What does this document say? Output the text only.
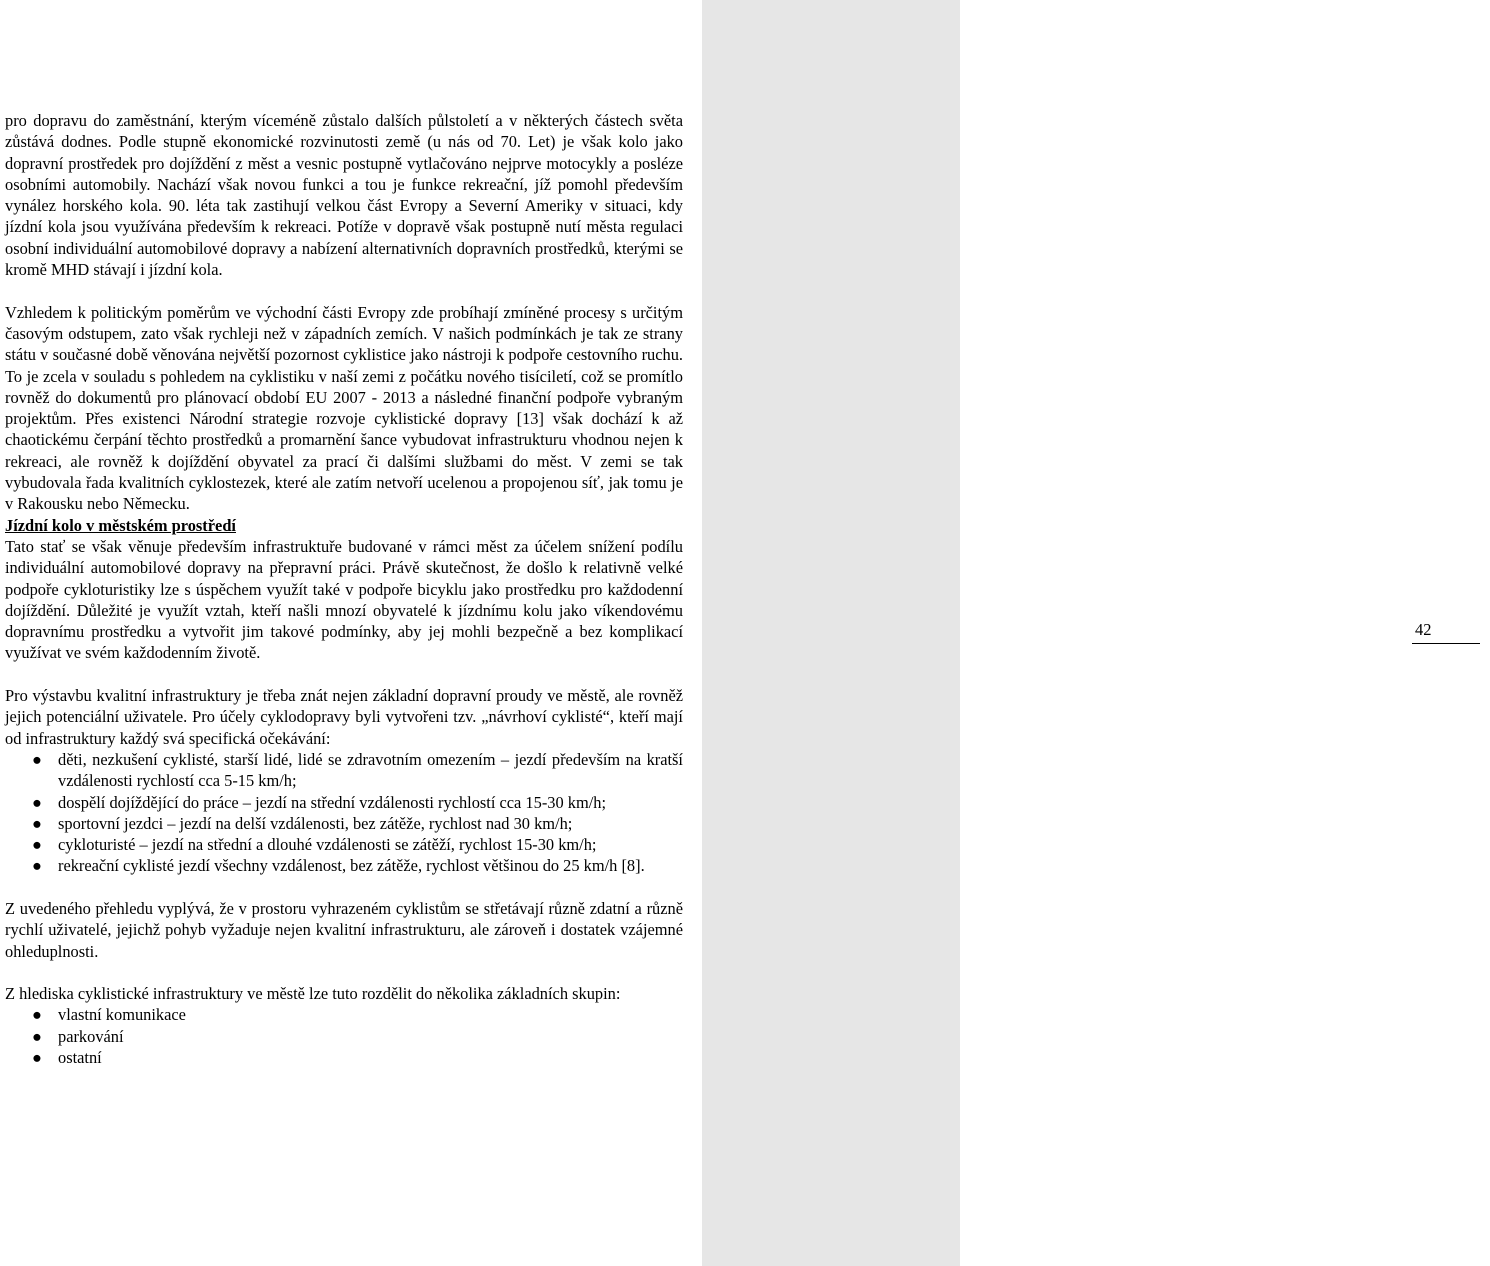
42

pro dopravu do zaměstnání, kterým víceméně zůstalo dalších půlstoletí a v některých částech světa zůstává dodnes. Podle stupně ekonomické rozvinutosti země (u nás od 70. Let) je však kolo jako dopravní prostředek pro dojíždění z měst a vesnic postupně vytlačováno nejprve motocykly a posléze osobními automobily. Nachází však novou funkci a tou je funkce rekreační, jíž pomohl především vynález horského kola. 90. léta tak zastihují velkou část Evropy a Severní Ameriky v situaci, kdy jízdní kola jsou využívána především k rekreaci. Potíže v dopravě však postupně nutí města regulaci osobní individuální automobilové dopravy a nabízení alternativních dopravních prostředků, kterými se kromě MHD stávají i jízdní kola.

Vzhledem k politickým poměrům ve východní části Evropy zde probíhají zmíněné procesy s určitým časovým odstupem, zato však rychleji než v západních zemích. V našich podmínkách je tak ze strany státu v současné době věnována největší pozornost cyklistice jako nástroji k podpoře cestovního ruchu. To je zcela v souladu s pohledem na cyklistiku v naší zemi z počátku nového tisíciletí, což se promítlo rovněž do dokumentů pro plánovací období EU 2007 - 2013 a následné finanční podpoře vybraným projektům. Přes existenci Národní strategie rozvoje cyklistické dopravy [13] však dochází k až chaotickému čerpání těchto prostředků a promarnění šance vybudovat infrastrukturu vhodnou nejen k rekreaci, ale rovněž k dojíždění obyvatel za prací či dalšími službami do měst. V zemi se tak vybudovala řada kvalitních cyklostezek, které ale zatím netvoří ucelenou a propojenou síť, jak tomu je v Rakousku nebo Německu.

Jízdní kolo v městském prostředí

Tato stať se však věnuje především infrastruktuře budované v rámci měst za účelem snížení podílu individuální automobilové dopravy na přepravní práci. Právě skutečnost, že došlo k relativně velké podpoře cykloturistiky lze s úspěchem využít také v podpoře bicyklu jako prostředku pro každodenní dojíždění. Důležité je využít vztah, kteří našli mnozí obyvatelé k jízdnímu kolu jako víkendovému dopravnímu prostředku a vytvořit jim takové podmínky, aby jej mohli bezpečně a bez komplikací využívat ve svém každodenním životě.

Pro výstavbu kvalitní infrastruktury je třeba znát nejen základní dopravní proudy ve městě, ale rovněž jejich potenciální uživatele. Pro účely cyklodopravy byli vytvořeni tzv. „návrhoví cyklisté“, kteří mají od infrastruktury každý svá specifická očekávání:

● děti, nezkušení cyklisté, starší lidé, lidé se zdravotním omezením – jezdí především na kratší vzdálenosti rychlostí cca 5-15 km/h;
● dospělí dojíždějící do práce – jezdí na střední vzdálenosti rychlostí cca 15-30 km/h;
● sportovní jezdci – jezdí na delší vzdálenosti, bez zátěže, rychlost nad 30 km/h;
● cykloturisté – jezdí na střední a dlouhé vzdálenosti se zátěží, rychlost 15-30 km/h;
● rekreační cyklisté jezdí všechny vzdálenost, bez zátěže, rychlost většinou do 25 km/h [8].

Z uvedeného přehledu vyplývá, že v prostoru vyhrazeném cyklistům se střetávají různě zdatní a různě rychlí uživatelé, jejichž pohyb vyžaduje nejen kvalitní infrastrukturu, ale zároveň i dostatek vzájemné ohleduplnosti.

Z hlediska cyklistické infrastruktury ve městě lze tuto rozdělit do několika základních skupin:

● vlastní komunikace
● parkování
● ostatní
